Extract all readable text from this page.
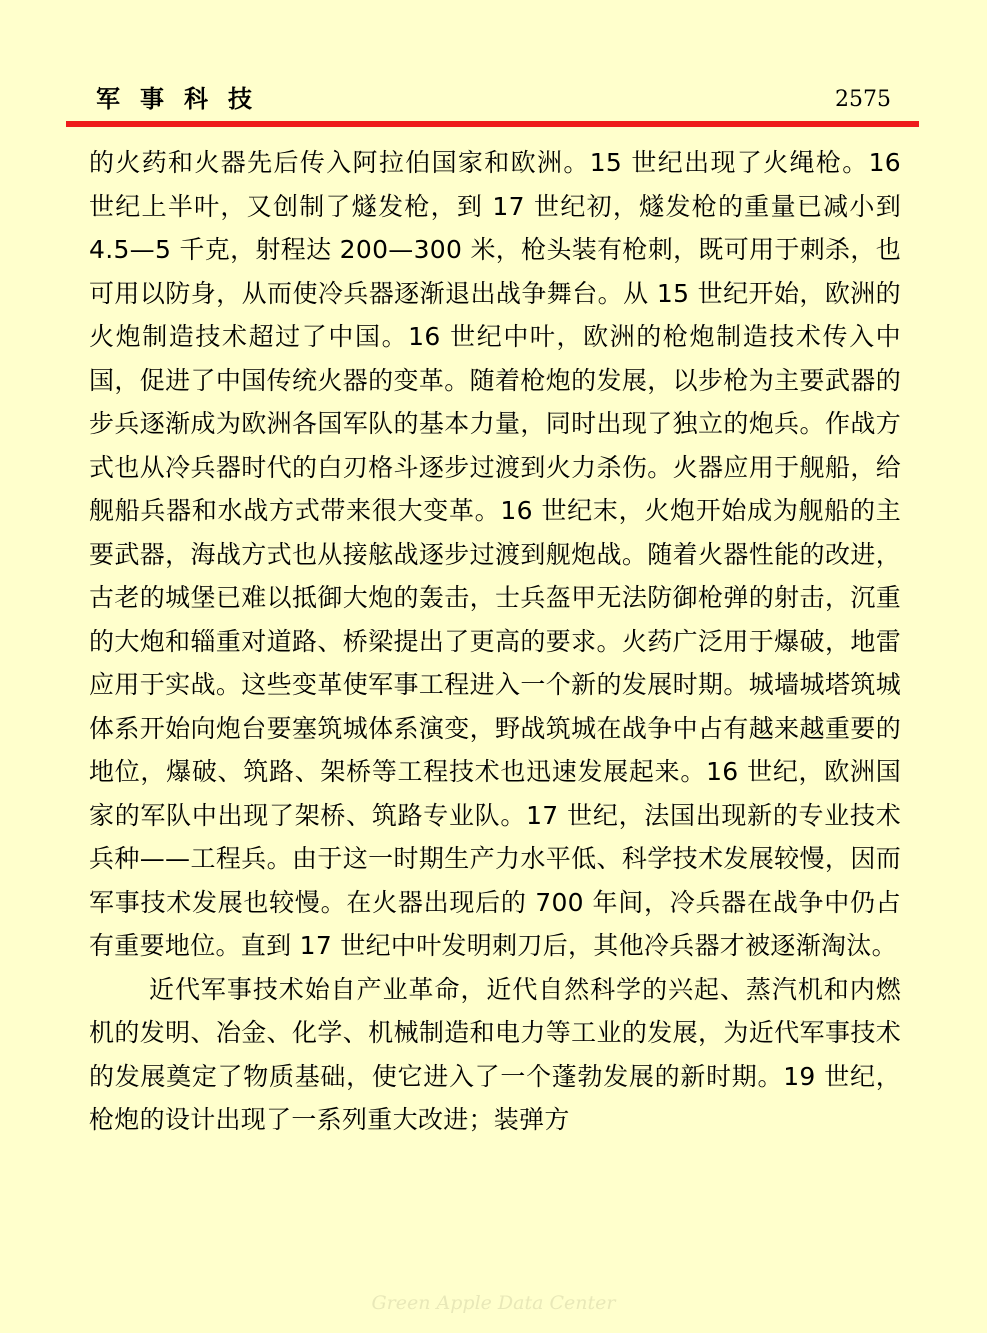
军事科技	2575

的火药和火器先后传入阿拉伯国家和欧洲。15 世纪出现了火绳枪。16 世纪上半叶，又创制了燧发枪，到 17 世纪初，燧发枪的重量已减小到 4.5—5 千克，射程达 200—300 米，枪头装有枪刺，既可用于刺杀，也可用以防身，从而使冷兵器逐渐退出战争舞台。从 15 世纪开始，欧洲的火炮制造技术超过了中国。16 世纪中叶，欧洲的枪炮制造技术传入中国，促进了中国传统火器的变革。随着枪炮的发展，以步枪为主要武器的步兵逐渐成为欧洲各国军队的基本力量，同时出现了独立的炮兵。作战方式也从冷兵器时代的白刃格斗逐步过渡到火力杀伤。火器应用于舰船，给舰船兵器和水战方式带来很大变革。16 世纪末，火炮开始成为舰船的主要武器，海战方式也从接舷战逐步过渡到舰炮战。随着火器性能的改进，古老的城堡已难以抵御大炮的轰击，士兵盔甲无法防御枪弹的射击，沉重的大炮和辎重对道路、桥梁提出了更高的要求。火药广泛用于爆破，地雷应用于实战。这些变革使军事工程进入一个新的发展时期。城墙城塔筑城体系开始向炮台要塞筑城体系演变，野战筑城在战争中占有越来越重要的地位，爆破、筑路、架桥等工程技术也迅速发展起来。16 世纪，欧洲国家的军队中出现了架桥、筑路专业队。17 世纪，法国出现新的专业技术兵种——工程兵。由于这一时期生产力水平低、科学技术发展较慢，因而军事技术发展也较慢。在火器出现后的 700 年间，冷兵器在战争中仍占有重要地位。直到 17 世纪中叶发明刺刀后，其他冷兵器才被逐渐淘汰。

近代军事技术始自产业革命，近代自然科学的兴起、蒸汽机和内燃机的发明、冶金、化学、机械制造和电力等工业的发展，为近代军事技术的发展奠定了物质基础，使它进入了一个蓬勃发展的新时期。19 世纪，枪炮的设计出现了一系列重大改进；装弹方

Green Apple Data Center
